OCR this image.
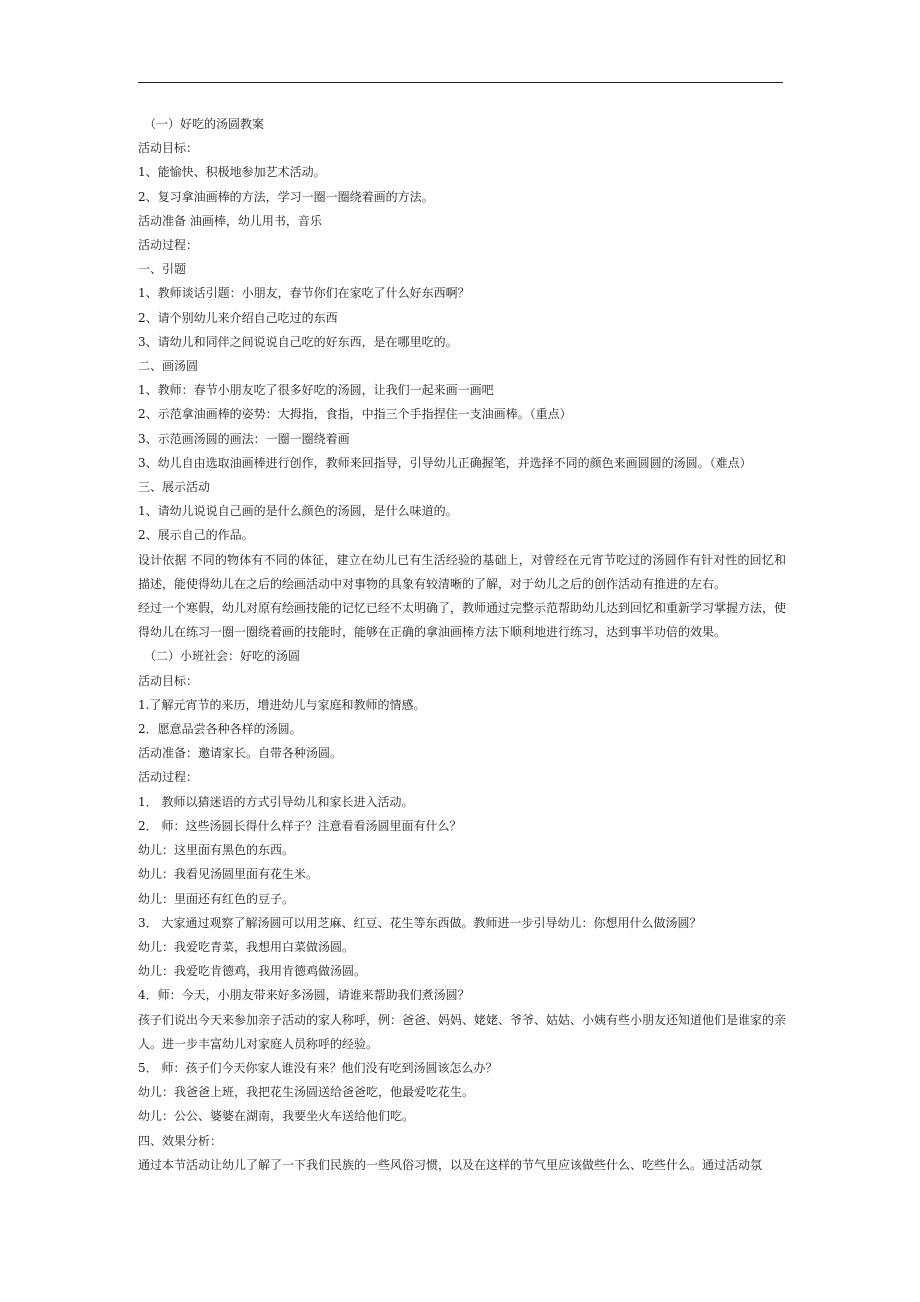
（一）好吃的汤圆教案
活动目标：
1、能愉快、积极地参加艺术活动。
2、复习拿油画棒的方法，学习一圈一圈绕着画的方法。
活动准备 油画棒，幼儿用书，音乐
活动过程：
一、引题
1、教师谈话引题：小朋友，春节你们在家吃了什么好东西啊？
2、请个别幼儿来介绍自己吃过的东西
3、请幼儿和同伴之间说说自己吃的好东西，是在哪里吃的。
二、画汤圆
1、教师：春节小朋友吃了很多好吃的汤圆，让我们一起来画一画吧
2、示范拿油画棒的姿势：大拇指，食指，中指三个手指捏住一支油画棒。（重点）
3、示范画汤圆的画法：一圈一圈绕着画
3、幼儿自由选取油画棒进行创作，教师来回指导，引导幼儿正确握笔，并选择不同的颜色来画圆圆的汤圆。（难点）
三、展示活动
1、请幼儿说说自己画的是什么颜色的汤圆，是什么味道的。
2、展示自己的作品。
设计依据 不同的物体有不同的体征，建立在幼儿已有生活经验的基础上，对曾经在元宵节吃过的汤圆作有针对性的回忆和描述，能使得幼儿在之后的绘画活动中对事物的具象有较清晰的了解，对于幼儿之后的创作活动有推进的左右。
经过一个寒假，幼儿对原有绘画技能的记忆已经不太明确了，教师通过完整示范帮助幼儿达到回忆和重新学习掌握方法，使得幼儿在练习一圈一圈绕着画的技能时，能够在正确的拿油画棒方法下顺利地进行练习，达到事半功倍的效果。
（二）小班社会：好吃的汤圆
活动目标：
1.了解元宵节的来历，增进幼儿与家庭和教师的情感。
2．愿意品尝各种各样的汤圆。
活动准备：邀请家长。自带各种汤圆。
活动过程：
1． 教师以猜迷语的方式引导幼儿和家长进入活动。
2． 师：这些汤圆长得什么样子？注意看看汤圆里面有什么？
幼儿：这里面有黑色的东西。
幼儿：我看见汤圆里面有花生米。
幼儿：里面还有红色的豆子。
3． 大家通过观察了解汤圆可以用芝麻、红豆、花生等东西做。教师进一步引导幼儿：你想用什么做汤圆？
幼儿：我爱吃青菜，我想用白菜做汤圆。
幼儿：我爱吃肯德鸡，我用肯德鸡做汤圆。
4．师：今天，小朋友带来好多汤圆，请谁来帮助我们煮汤圆？
孩子们说出今天来参加亲子活动的家人称呼，例：爸爸、妈妈、姥姥、爷爷、姑姑、小姨有些小朋友还知道他们是谁家的亲人。进一步丰富幼儿对家庭人员称呼的经验。
5． 师：孩子们今天你家人谁没有来？他们没有吃到汤圆该怎么办？
幼儿：我爸爸上班，我把花生汤圆送给爸爸吃，他最爱吃花生。
幼儿：公公、婆婆在湖南，我要坐火车送给他们吃。
四、效果分析：
通过本节活动让幼儿了解了一下我们民族的一些风俗习惯，以及在这样的节气里应该做些什么、吃些什么。通过活动氛
